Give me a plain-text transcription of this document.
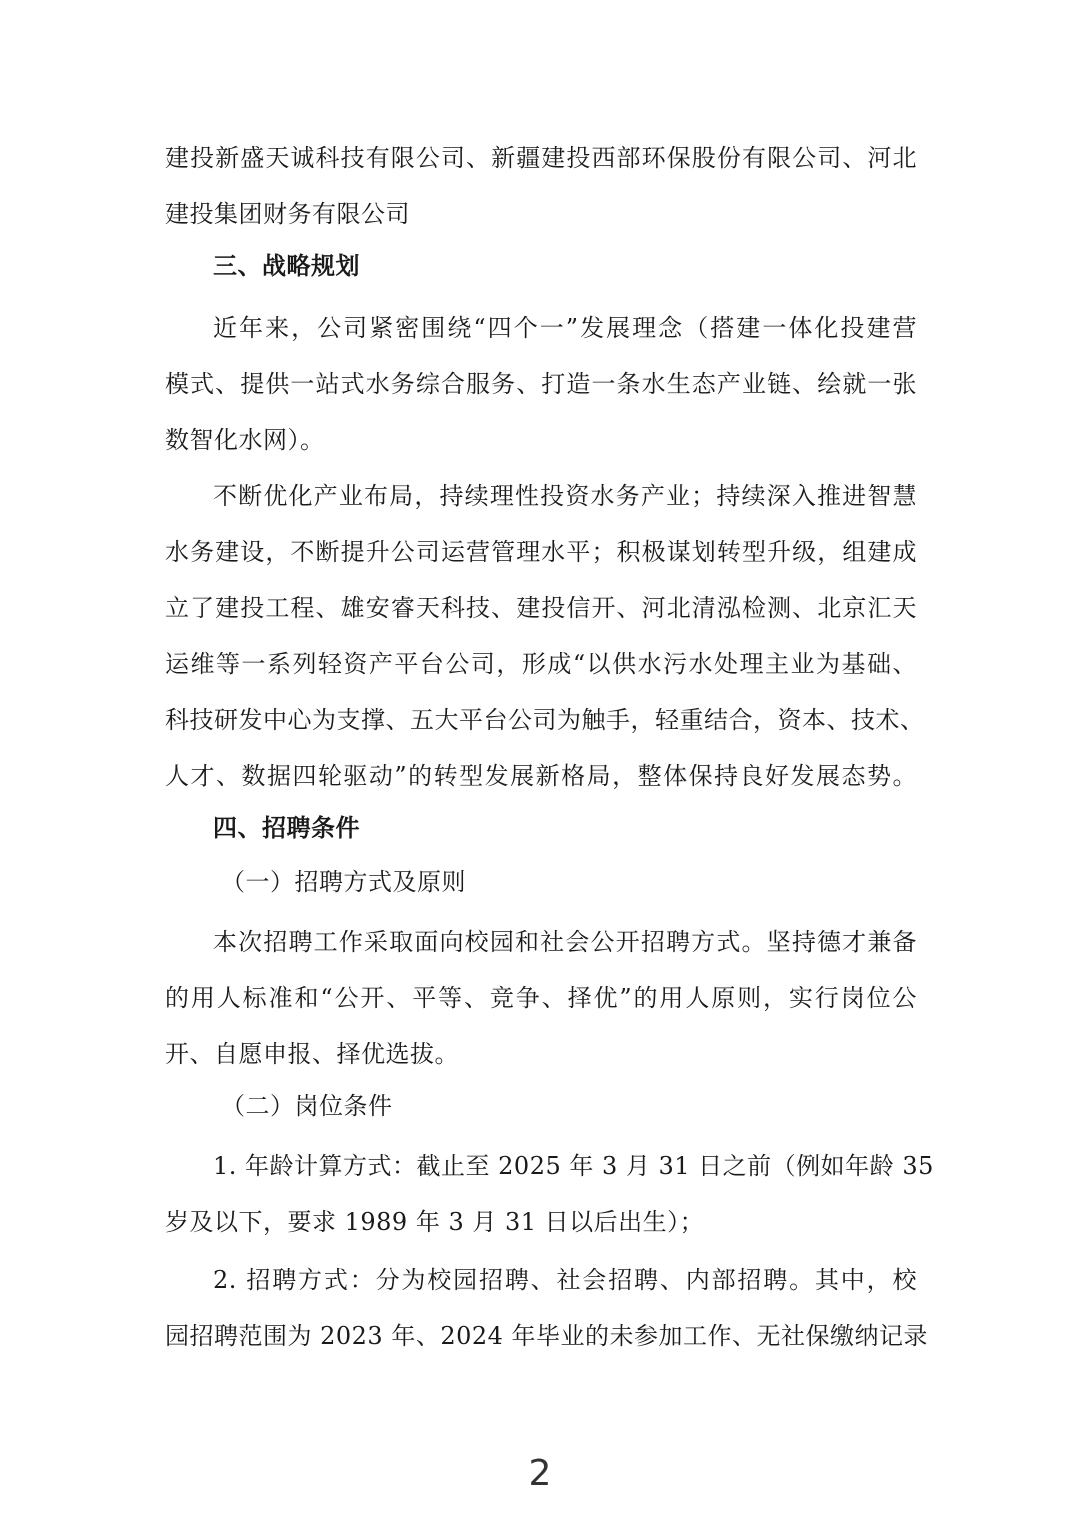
建投新盛天诚科技有限公司、新疆建投西部环保股份有限公司、河北
建投集团财务有限公司
三、战略规划
近年来，公司紧密围绕“四个一”发展理念（搭建一体化投建营
模式、提供一站式水务综合服务、打造一条水生态产业链、绘就一张
数智化水网）。
不断优化产业布局，持续理性投资水务产业；持续深入推进智慧
水务建设，不断提升公司运营管理水平；积极谋划转型升级，组建成
立了建投工程、雄安睿天科技、建投信开、河北清泓检测、北京汇天
运维等一系列轻资产平台公司，形成“以供水污水处理主业为基础、
科技研发中心为支撑、五大平台公司为触手，轻重结合，资本、技术、
人才、数据四轮驱动”的转型发展新格局，整体保持良好发展态势。
四、招聘条件
（一）招聘方式及原则
本次招聘工作采取面向校园和社会公开招聘方式。坚持德才兼备
的用人标准和“公开、平等、竞争、择优”的用人原则，实行岗位公
开、自愿申报、择优选拔。
（二）岗位条件
1. 年龄计算方式：截止至 2025 年 3 月 31 日之前（例如年龄 35
岁及以下，要求 1989 年 3 月 31 日以后出生）；
2. 招聘方式：分为校园招聘、社会招聘、内部招聘。其中，校
园招聘范围为 2023 年、2024 年毕业的未参加工作、无社保缴纳记录
2
